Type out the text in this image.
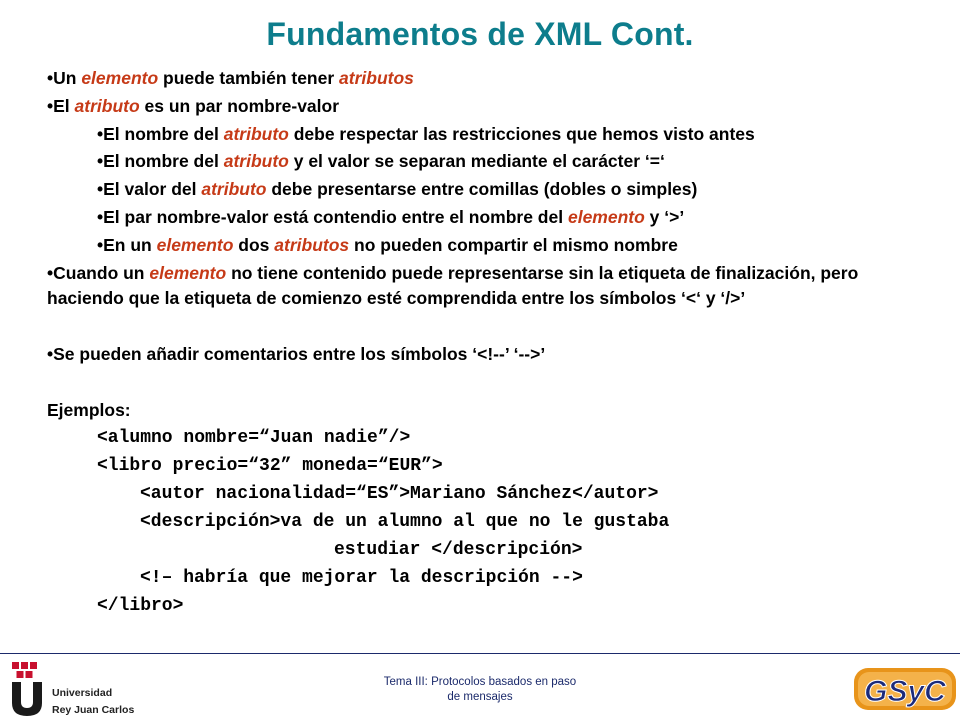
Fundamentos de XML Cont.
•Un elemento puede también tener atributos
•El atributo es un par nombre-valor
•El nombre del atributo debe respectar las restricciones que hemos visto antes
•El nombre del atributo y el valor se separan mediante el carácter ‘=‘
•El valor del atributo debe presentarse entre comillas (dobles o simples)
•El par nombre-valor está contendio entre el nombre del elemento y ‘>’
•En un elemento dos atributos no pueden compartir el mismo nombre
•Cuando un elemento no tiene contenido puede representarse sin la etiqueta de finalización, pero haciendo que la etiqueta de comienzo esté comprendida entre los símbolos ‘<‘ y ‘/>’
•Se pueden añadir comentarios entre los símbolos ‘<!--’ ‘-->’
Ejemplos:
<alumno nombre=“Juan nadie”/>
<libro precio=“32” moneda=“EUR”>
<autor nacionalidad=“ES”>Mariano Sánchez</autor>
<descripción>va de un alumno al que no le gustaba
estudiar </descripción>
<!– habría que mejorar la descripción -->
</libro>
Universidad
Rey Juan Carlos
Tema III: Protocolos basados en paso
de mensajes	GSyC
